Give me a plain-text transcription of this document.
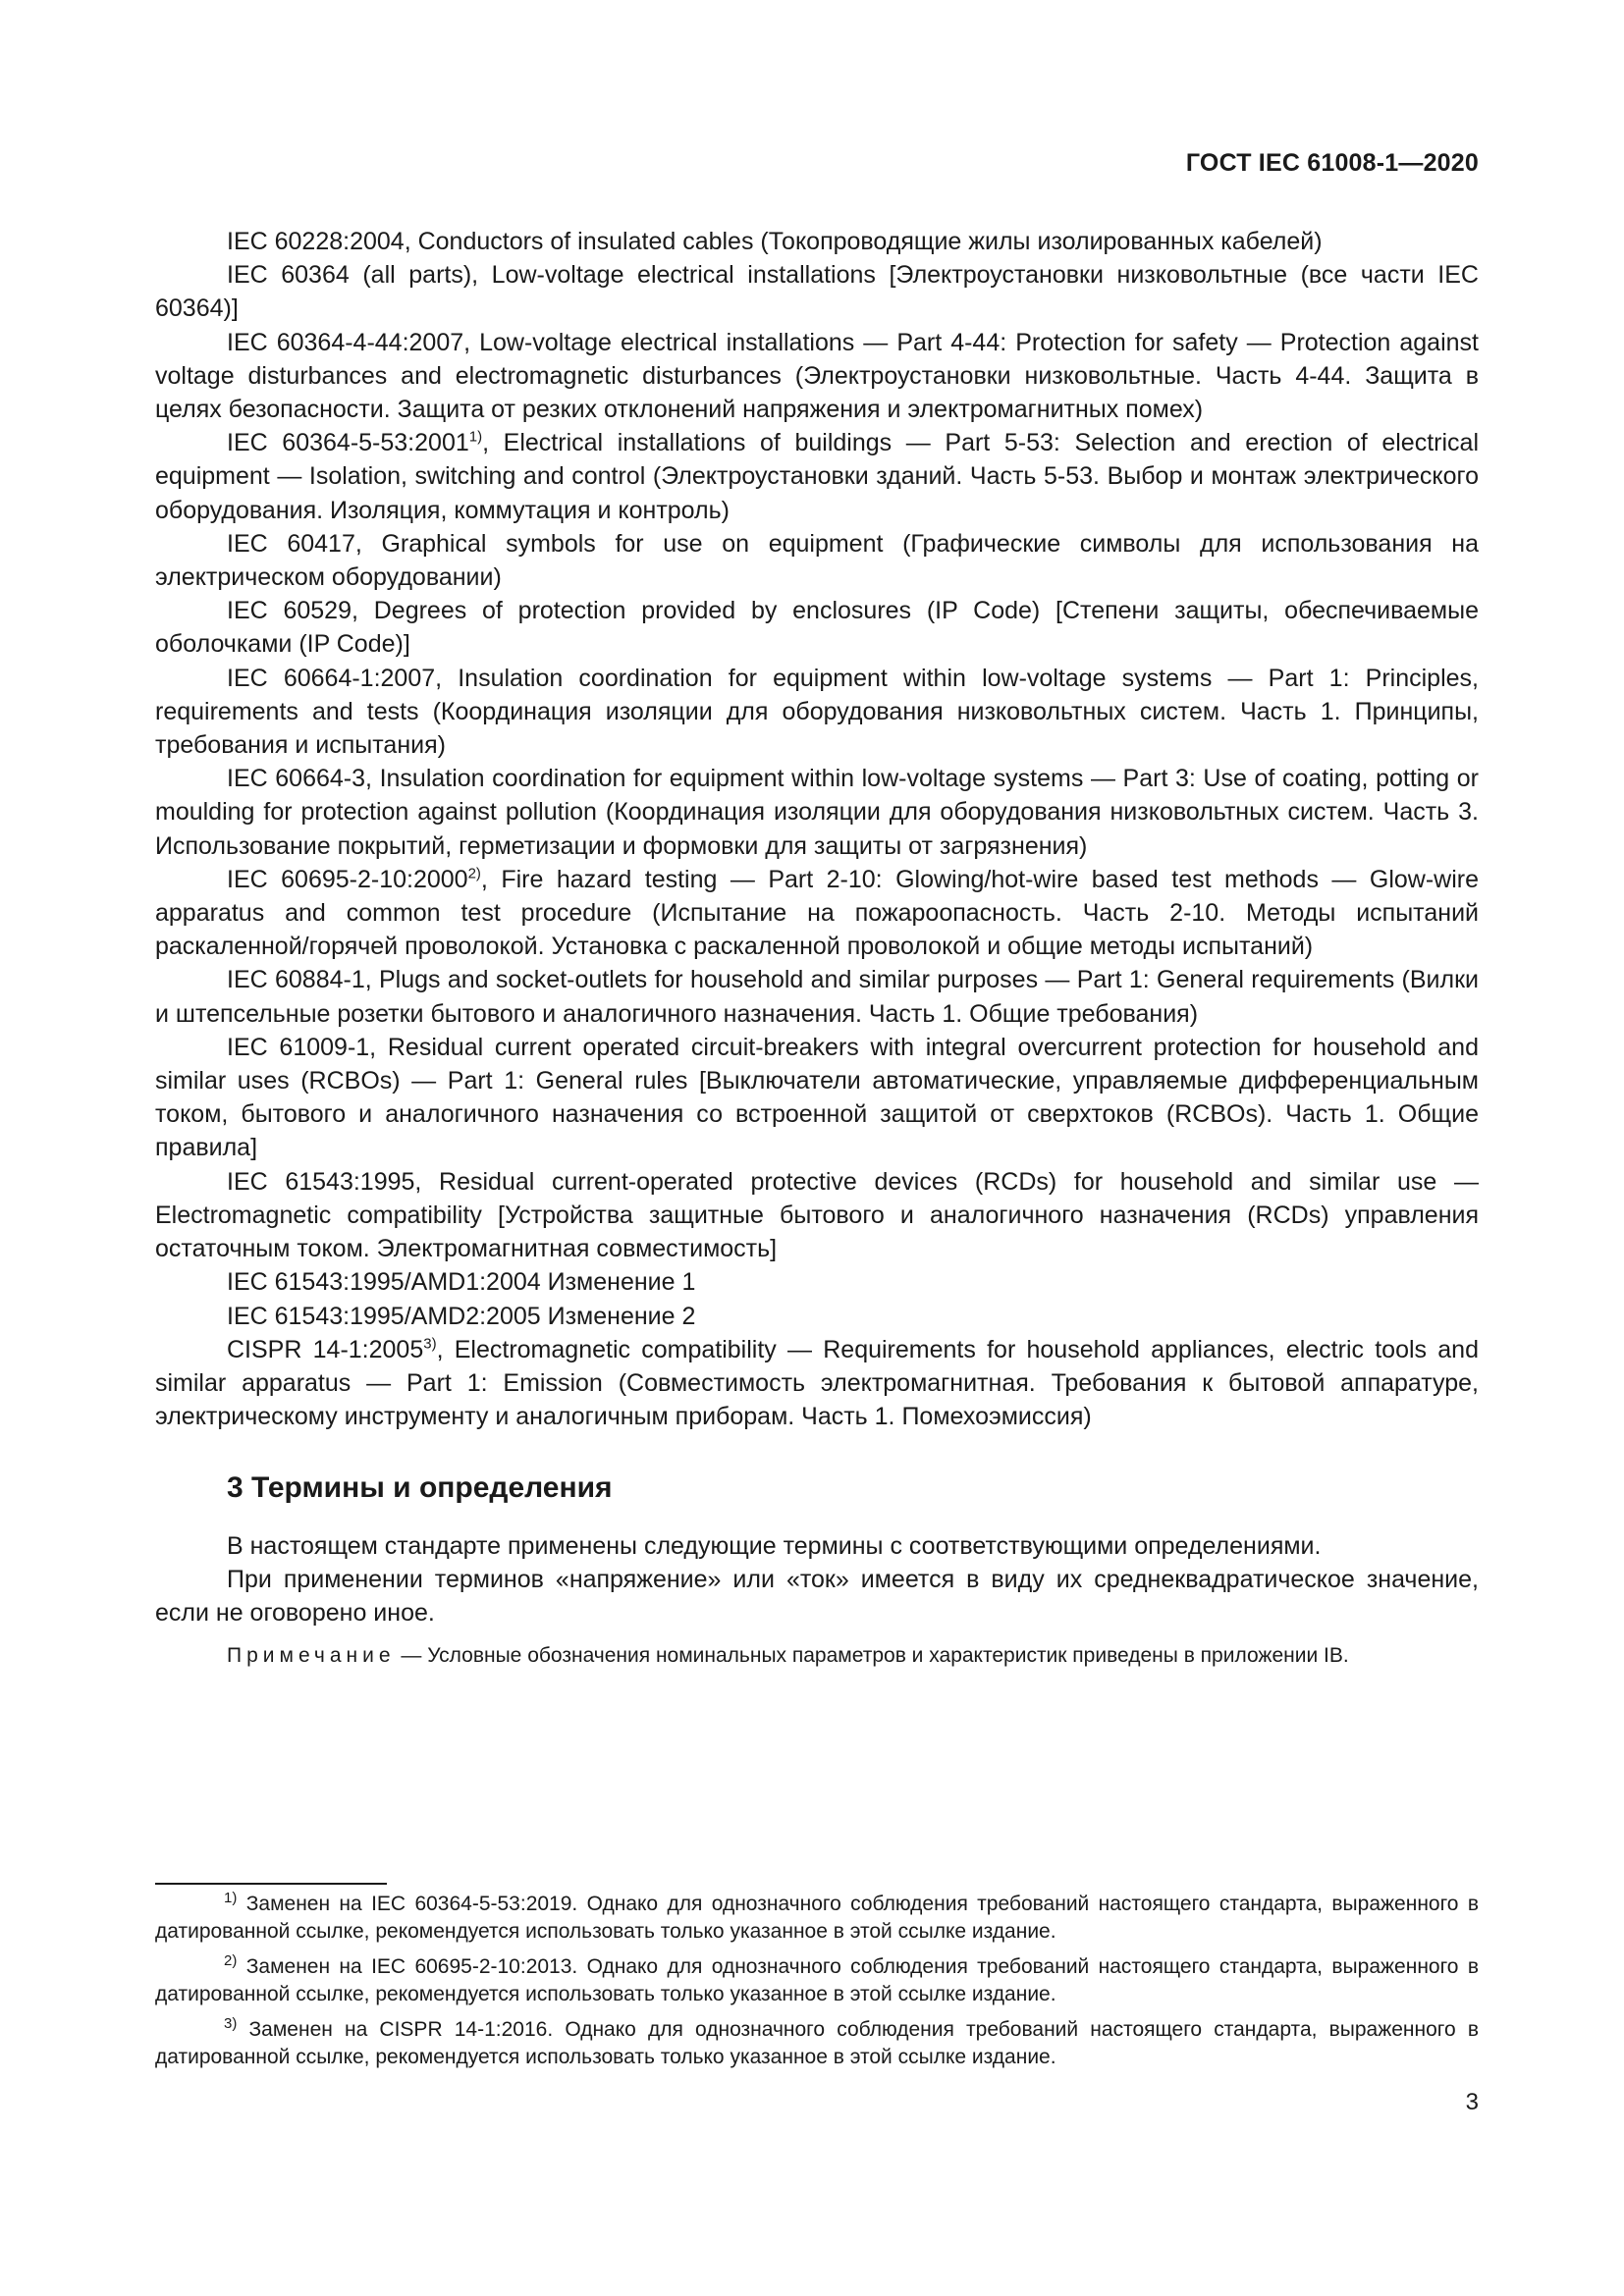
ГОСТ IEC 61008-1—2020

IEC 60228:2004, Conductors of insulated cables (Токопроводящие жилы изолированных кабелей)

IEC 60364 (all parts), Low-voltage electrical installations [Электроустановки низковольтные (все части IEC 60364)]

IEC 60364-4-44:2007, Low-voltage electrical installations — Part 4-44: Protection for safety — Protection against voltage disturbances and electromagnetic disturbances (Электроустановки низковольтные. Часть 4-44. Защита в целях безопасности. Защита от резких отклонений напряжения и электромагнитных помех)

IEC 60364-5-53:2001$^{1)}$, Electrical installations of buildings — Part 5-53: Selection and erection of electrical equipment — Isolation, switching and control (Электроустановки зданий. Часть 5-53. Выбор и монтаж электрического оборудования. Изоляция, коммутация и контроль)

IEC 60417, Graphical symbols for use on equipment (Графические символы для использования на электрическом оборудовании)

IEC 60529, Degrees of protection provided by enclosures (IP Code) [Степени защиты, обеспечиваемые оболочками (IP Code)]

IEC 60664-1:2007, Insulation coordination for equipment within low-voltage systems — Part 1: Principles, requirements and tests (Координация изоляции для оборудования низковольтных систем. Часть 1. Принципы, требования и испытания)

IEC 60664-3, Insulation coordination for equipment within low-voltage systems — Part 3: Use of coating, potting or moulding for protection against pollution (Координация изоляции для оборудования низковольтных систем. Часть 3. Использование покрытий, герметизации и формовки для защиты от загрязнения)

IEC 60695-2-10:2000$^{2)}$, Fire hazard testing — Part 2-10: Glowing/hot-wire based test methods — Glow-wire apparatus and common test procedure (Испытание на пожароопасность. Часть 2-10. Методы испытаний раскаленной/горячей проволокой. Установка с раскаленной проволокой и общие методы испытаний)

IEC 60884-1, Plugs and socket-outlets for household and similar purposes — Part 1: General requirements (Вилки и штепсельные розетки бытового и аналогичного назначения. Часть 1. Общие требования)

IEC 61009-1, Residual current operated circuit-breakers with integral overcurrent protection for household and similar uses (RCBOs) — Part 1: General rules [Выключатели автоматические, управляемые дифференциальным током, бытового и аналогичного назначения со встроенной защитой от сверхтоков (RCBOs). Часть 1. Общие правила]

IEC 61543:1995, Residual current-operated protective devices (RCDs) for household and similar use — Electromagnetic compatibility [Устройства защитные бытового и аналогичного назначения (RCDs) управления остаточным током. Электромагнитная совместимость]

IEC 61543:1995/AMD1:2004 Изменение 1

IEC 61543:1995/AMD2:2005 Изменение 2

CISPR 14-1:2005$^{3)}$, Electromagnetic compatibility — Requirements for household appliances, electric tools and similar apparatus — Part 1: Emission (Совместимость электромагнитная. Требования к бытовой аппаратуре, электрическому инструменту и аналогичным приборам. Часть 1. Помехоэмиссия)

3 Термины и определения

В настоящем стандарте применены следующие термины с соответствующими определениями.

При применении терминов «напряжение» или «ток» имеется в виду их среднеквадратическое значение, если не оговорено иное.

Примечание — Условные обозначения номинальных параметров и характеристик приведены в приложении IB.

$^{1)}$ Заменен на IEC 60364-5-53:2019. Однако для однозначного соблюдения требований настоящего стандарта, выраженного в датированной ссылке, рекомендуется использовать только указанное в этой ссылке издание.

$^{2)}$ Заменен на IEC 60695-2-10:2013. Однако для однозначного соблюдения требований настоящего стандарта, выраженного в датированной ссылке, рекомендуется использовать только указанное в этой ссылке издание.

$^{3)}$ Заменен на CISPR 14-1:2016. Однако для однозначного соблюдения требований настоящего стандарта, выраженного в датированной ссылке, рекомендуется использовать только указанное в этой ссылке издание.

3
